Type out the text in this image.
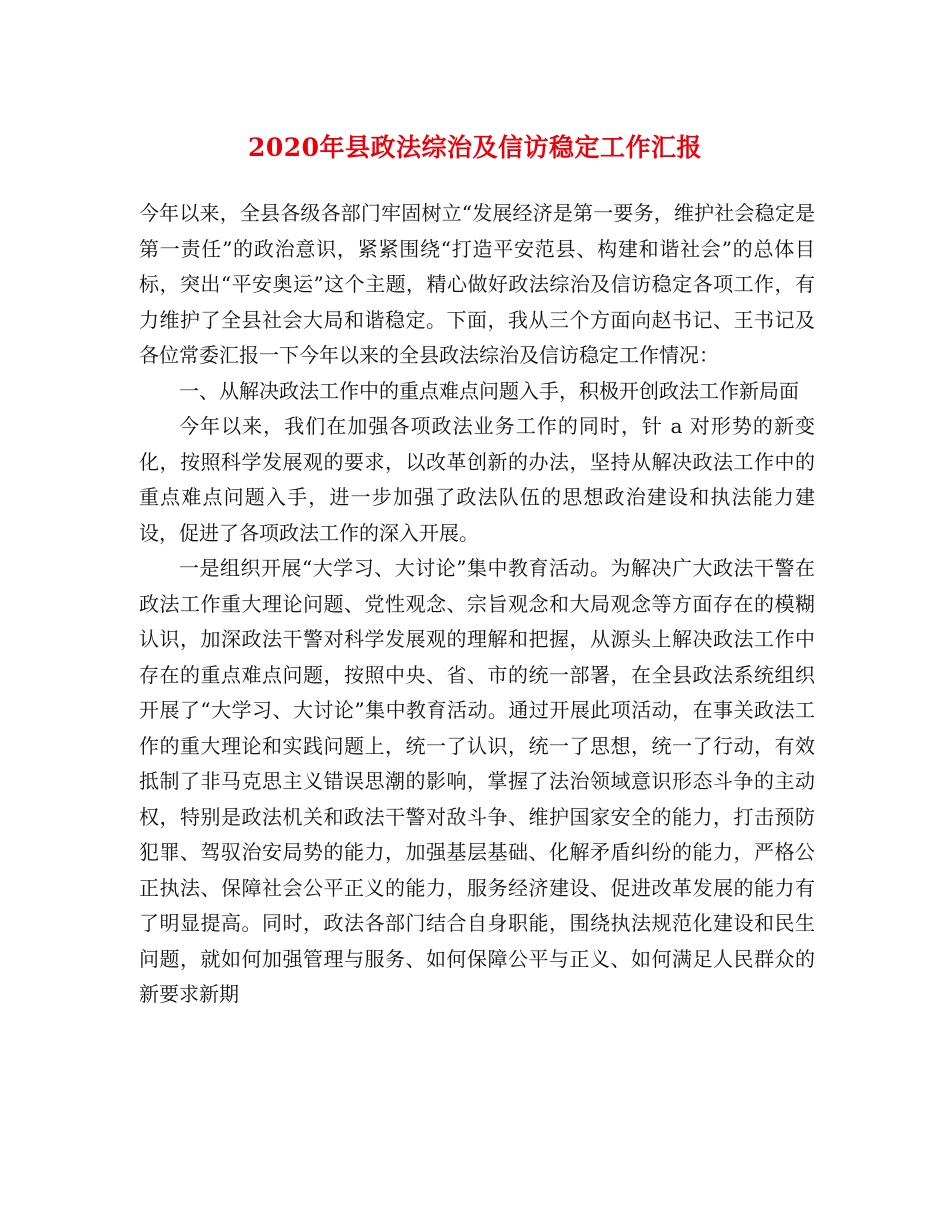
2020年县政法综治及信访稳定工作汇报

今年以来，全县各级各部门牢固树立“发展经济是第一要务，维护社会稳定是第一责任”的政治意识，紧紧围绕“打造平安范县、构建和谐社会”的总体目标，突出“平安奥运”这个主题，精心做好政法综治及信访稳定各项工作，有力维护了全县社会大局和谐稳定。下面，我从三个方面向赵书记、王书记及各位常委汇报一下今年以来的全县政法综治及信访稳定工作情况：

一、从解决政法工作中的重点难点问题入手，积极开创政法工作新局面

今年以来，我们在加强各项政法业务工作的同时，针 a 对形势的新变化，按照科学发展观的要求，以改革创新的办法，坚持从解决政法工作中的重点难点问题入手，进一步加强了政法队伍的思想政治建设和执法能力建设，促进了各项政法工作的深入开展。

一是组织开展“大学习、大讨论”集中教育活动。为解决广大政法干警在政法工作重大理论问题、党性观念、宗旨观念和大局观念等方面存在的模糊认识，加深政法干警对科学发展观的理解和把握，从源头上解决政法工作中存在的重点难点问题，按照中央、省、市的统一部署，在全县政法系统组织开展了“大学习、大讨论”集中教育活动。通过开展此项活动，在事关政法工作的重大理论和实践问题上，统一了认识，统一了思想，统一了行动，有效抵制了非马克思主义错误思潮的影响，掌握了法治领域意识形态斗争的主动权，特别是政法机关和政法干警对敌斗争、维护国家安全的能力，打击预防犯罪、驾驭治安局势的能力，加强基层基础、化解矛盾纠纷的能力，严格公正执法、保障社会公平正义的能力，服务经济建设、促进改革发展的能力有了明显提高。同时，政法各部门结合自身职能，围绕执法规范化建设和民生问题，就如何加强管理与服务、如何保障公平与正义、如何满足人民群众的新要求新期
